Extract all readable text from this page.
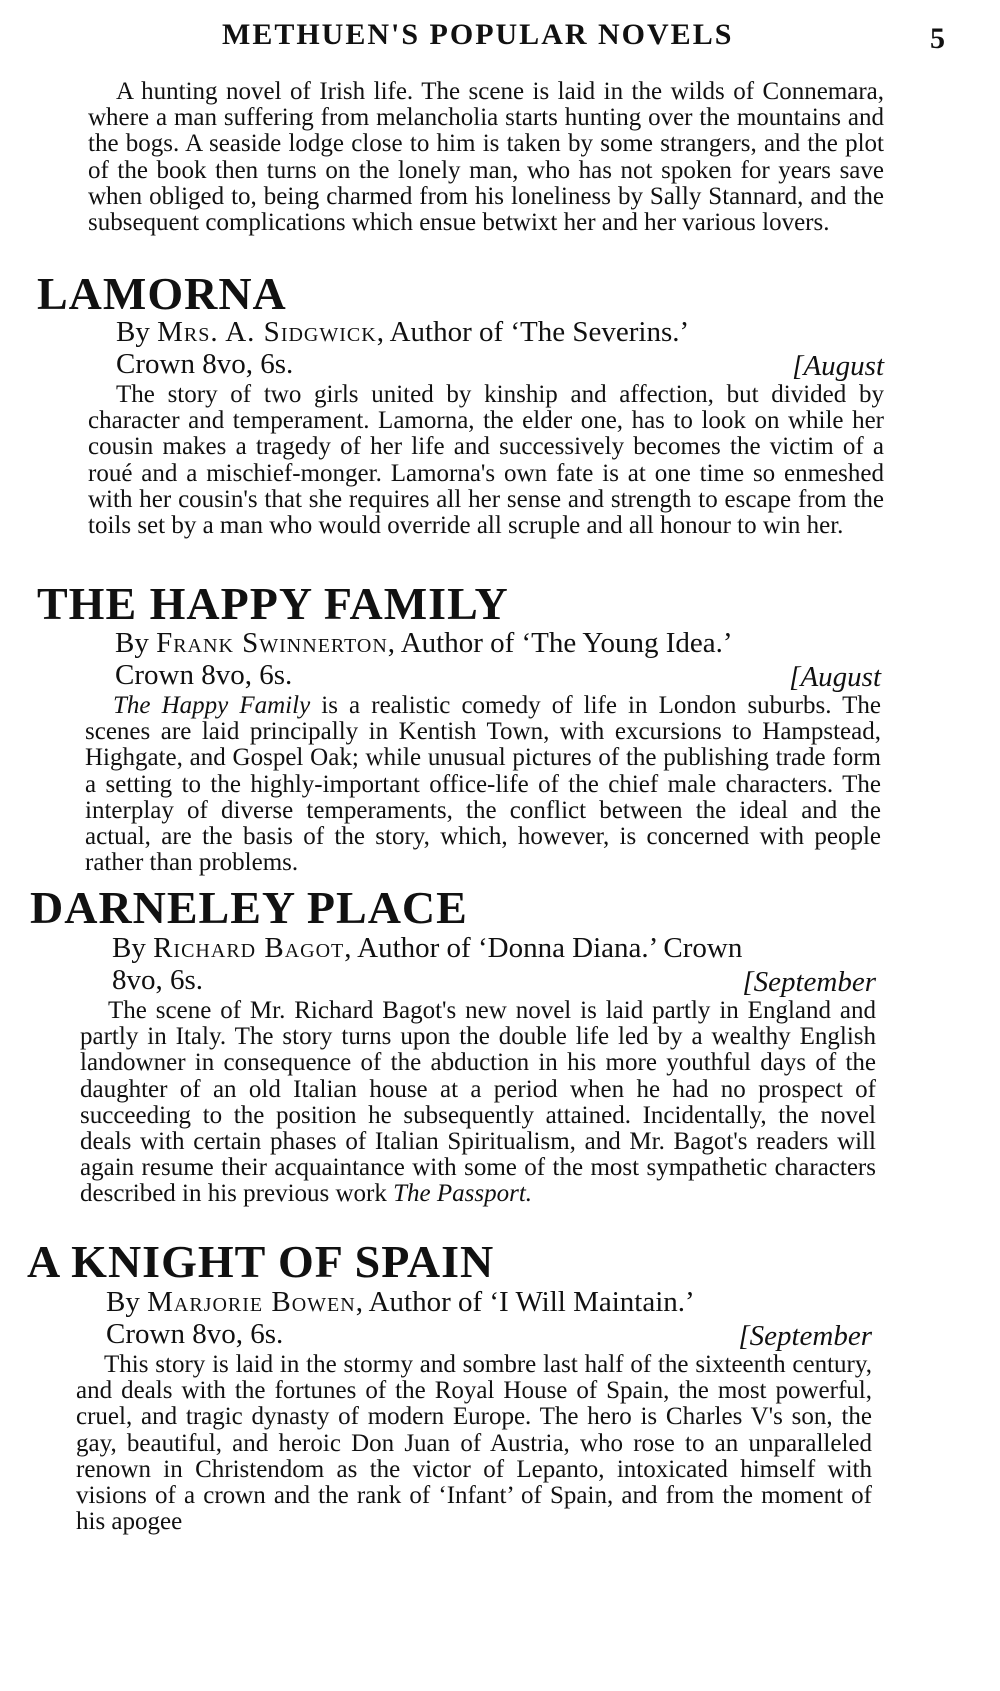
METHUEN'S POPULAR NOVELS	5

A hunting novel of Irish life. The scene is laid in the wilds of Connemara, where a man suffering from melancholia starts hunting over the mountains and the bogs. A seaside lodge close to him is taken by some strangers, and the plot of the book then turns on the lonely man, who has not spoken for years save when obliged to, being charmed from his loneliness by Sally Stannard, and the subsequent complications which ensue betwixt her and her various lovers.

LAMORNA

By Mrs. A. Sidgwick, Author of ‘The Severins.’

Crown 8vo, 6s.	[August

The story of two girls united by kinship and affection, but divided by character and temperament. Lamorna, the elder one, has to look on while her cousin makes a tragedy of her life and successively becomes the victim of a roué and a mischief-monger. Lamorna's own fate is at one time so enmeshed with her cousin's that she requires all her sense and strength to escape from the toils set by a man who would override all scruple and all honour to win her.

THE HAPPY FAMILY

By Frank Swinnerton, Author of ‘The Young Idea.’

Crown 8vo, 6s.	[August

The Happy Family is a realistic comedy of life in London suburbs. The scenes are laid principally in Kentish Town, with excursions to Hampstead, Highgate, and Gospel Oak; while unusual pictures of the publishing trade form a setting to the highly-important office-life of the chief male characters. The interplay of diverse temperaments, the conflict between the ideal and the actual, are the basis of the story, which, however, is concerned with people rather than problems.

DARNELEY PLACE

By Richard Bagot, Author of ‘Donna Diana.’ Crown

8vo, 6s.	[September

The scene of Mr. Richard Bagot's new novel is laid partly in England and partly in Italy. The story turns upon the double life led by a wealthy English landowner in consequence of the abduction in his more youthful days of the daughter of an old Italian house at a period when he had no prospect of succeeding to the position he subsequently attained. Incidentally, the novel deals with certain phases of Italian Spiritualism, and Mr. Bagot's readers will again resume their acquaintance with some of the most sympathetic characters described in his previous work The Passport.

A KNIGHT OF SPAIN

By Marjorie Bowen, Author of ‘I Will Maintain.’

Crown 8vo, 6s.	[September

This story is laid in the stormy and sombre last half of the sixteenth century, and deals with the fortunes of the Royal House of Spain, the most powerful, cruel, and tragic dynasty of modern Europe. The hero is Charles V's son, the gay, beautiful, and heroic Don Juan of Austria, who rose to an unparalleled renown in Christendom as the victor of Lepanto, intoxicated himself with visions of a crown and the rank of ‘Infant’ of Spain, and from the moment of his apogee
